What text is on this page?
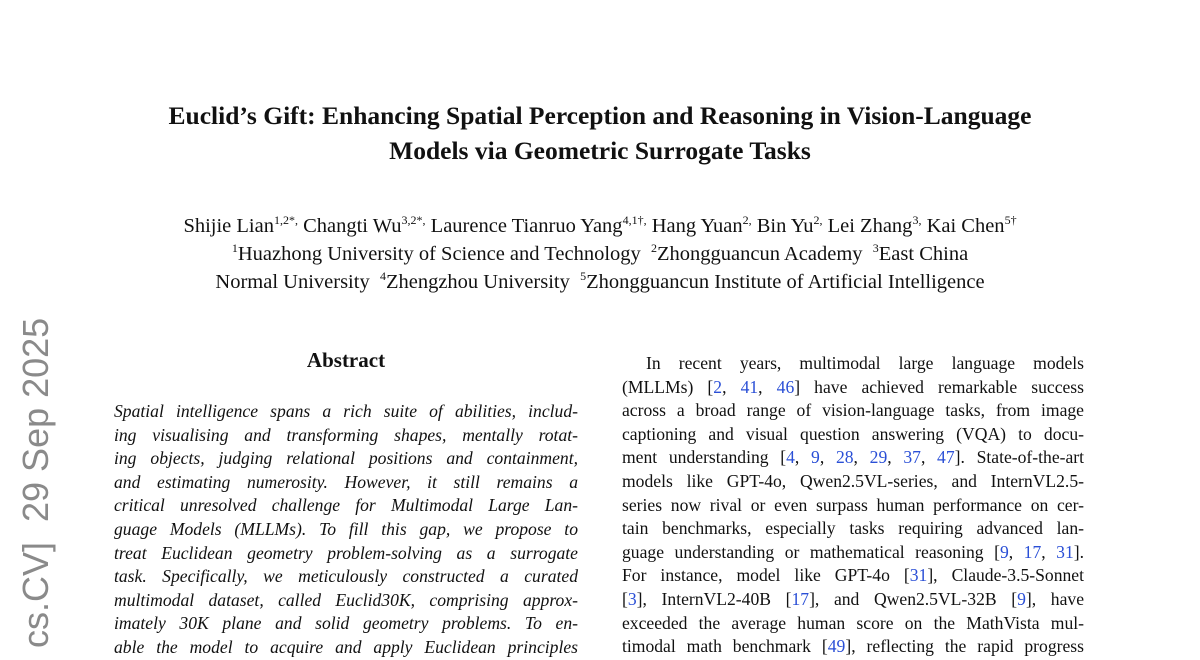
Euclid’s Gift: Enhancing Spatial Perception and Reasoning in Vision-Language
Models via Geometric Surrogate Tasks
Shijie Lian$^{1,2*,}$ Changti $Wu^{3,2*,}$ Laurence Tianruo Yang$^{4,1\dagger,}$ Hang Yuan$^{2,}$ Bin $Yu^{2,}$ Lei Zhang$^{3,}$ Kai Chen$^{5\dagger}$
$^1$Huazhong University of Science and Technology $^2$Zhongguancun Academy $^3$East China
Normal University $^4$Zhengzhou University $^5$Zhongguancun Institute of Artificial Intelligence
cs.CV]  29 Sep 2025	Abstract
Spatial intelligence spans a rich suite of abilities, includ-
ing visualising and transforming shapes, mentally rotat-
ing objects, judging relational positions and containment,
and estimating numerosity. However, it still remains a
critical unresolved challenge for Multimodal Large Lan-
guage Models (MLLMs). To fill this gap, we propose to
treat Euclidean geometry problem-solving as a surrogate
task. Specifically, we meticulously constructed a curated
multimodal dataset, called Euclid30K, comprising approx-
imately 30K plane and solid geometry problems. To en-
able the model to acquire and apply Euclidean principles
In recent years, multimodal large language models
(MLLMs) [2, 41, 46] have achieved remarkable success
across a broad range of vision-language tasks, from image
captioning and visual question answering (VQA) to docu-
ment understanding [4, 9, 28, 29, 37, 47]. State-of-the-art
models like GPT-4o, Qwen2.5VL-series, and InternVL2.5-
series now rival or even surpass human performance on cer-
tain benchmarks, especially tasks requiring advanced lan-
guage understanding or mathematical reasoning [9, 17, 31].
For instance, model like GPT-4o [31], Claude-3.5-Sonnet
[3], InternVL2-40B [17], and Qwen2.5VL-32B [9], have
exceeded the average human score on the MathVista mul-
timodal math benchmark [49], reflecting the rapid progress
